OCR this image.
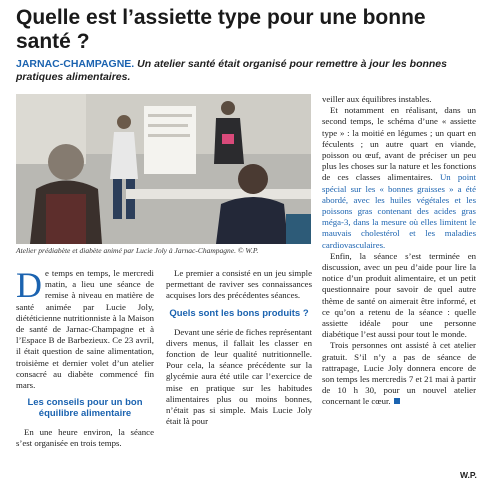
Quelle est l’assiette type pour une bonne santé ?

JARNAC-CHAMPAGNE. Un atelier santé était organisé pour remettre à jour les bonnes pratiques alimentaires.

Atelier prédiabète et diabète animé par Lucie Joly à Jarnac-Champagne. © W.P.

De temps en temps, le mercredi matin, a lieu une séance de remise à niveau en matière de santé animée par Lucie Joly, diététicienne nutritionniste à la Maison de santé de Jarnac-Champagne et à l’Espace B de Barbezieux. Ce 23 avril, il était question de saine alimentation, troisième et dernier volet d’un atelier consacré au diabète commencé fin mars.

Les conseils pour un bon équilibre alimentaire

En une heure environ, la séance s’est organisée en trois temps.

Le premier a consisté en un jeu simple permettant de raviver ses connaissances acquises lors des précédentes séances.

Quels sont les bons produits ?

Devant une série de fiches représentant divers menus, il fallait les classer en fonction de leur qualité nutritionnelle. Pour cela, la séance précédente sur la glycémie aura été utile car l’exercice de mise en pratique sur les habitudes alimentaires plus ou moins bonnes, n’était pas si simple. Mais Lucie Joly était là pour

veiller aux équilibres instables.

Et notamment en réalisant, dans un second temps, le schéma d’une « assiette type » : la moitié en légumes ; un quart en féculents ; un autre quart en viande, poisson ou œuf, avant de préciser un peu plus les choses sur la nature et les fonctions de ces classes alimentaires. Un point spécial sur les « bonnes graisses » a été abordé, avec les huiles végétales et les poissons gras contenant des acides gras méga-3, dans la mesure où elles limitent le mauvais cholestérol et les maladies cardiovasculaires.

Enfin, la séance s’est terminée en discussion, avec un peu d’aide pour lire la notice d’un produit alimentaire, et un petit questionnaire pour savoir de quel autre thème de santé on aimerait être informé, et ce qu’on a retenu de la séance : quelle assiette idéale pour une personne diabétique l’est aussi pour tout le monde.

Trois personnes ont assisté à cet atelier gratuit. S’il n’y a pas de séance de rattrapage, Lucie Joly donnera encore de son temps les mercredis 7 et 21 mai à partir de 10 h 30, pour un nouvel atelier concernant le cœur.

W.P.
